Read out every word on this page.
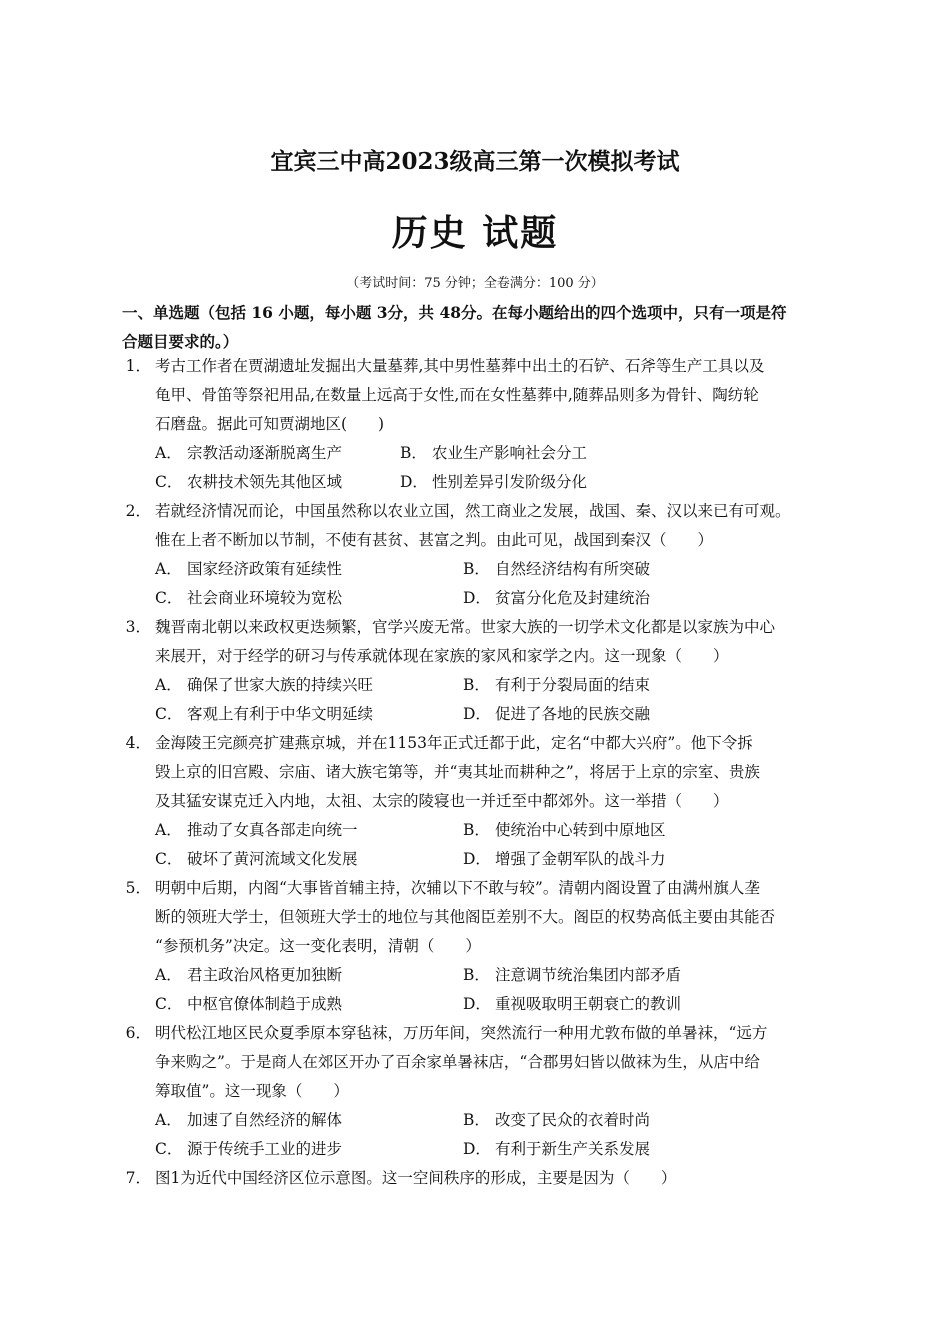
宜宾三中高2023级高三第一次模拟考试
历史 试题
（考试时间：75 分钟；全卷满分：100 分）
一、单选题（包括 16 小题，每小题 3分，共 48分。在每小题给出的四个选项中，只有一项是符
合题目要求的。）
1． 考古工作者在贾湖遗址发掘出大量墓葬,其中男性墓葬中出土的石铲、石斧等生产工具以及
龟甲、骨笛等祭祀用品,在数量上远高于女性,而在女性墓葬中,随葬品则多为骨针、陶纺轮
石磨盘。据此可知贾湖地区(　　)
A． 宗教活动逐渐脱离生产	B． 农业生产影响社会分工
C． 农耕技术领先其他区域	D． 性别差异引发阶级分化
2． 若就经济情况而论，中国虽然称以农业立国，然工商业之发展，战国、秦、汉以来已有可观。
惟在上者不断加以节制，不使有甚贫、甚富之判。由此可见，战国到秦汉（　　）
A． 国家经济政策有延续性	B． 自然经济结构有所突破
C． 社会商业环境较为宽松	D． 贫富分化危及封建统治
3． 魏晋南北朝以来政权更迭频繁，官学兴废无常。世家大族的一切学术文化都是以家族为中心
来展开，对于经学的研习与传承就体现在家族的家风和家学之内。这一现象（　　）
A． 确保了世家大族的持续兴旺	B． 有利于分裂局面的结束
C． 客观上有利于中华文明延续	D． 促进了各地的民族交融
4． 金海陵王完颜亮扩建燕京城，并在1153年正式迁都于此，定名“中都大兴府”。他下令拆
毁上京的旧宫殿、宗庙、诸大族宅第等，并“夷其址而耕种之”，将居于上京的宗室、贵族
及其猛安谋克迁入内地，太祖、太宗的陵寝也一并迁至中都郊外。这一举措（　　）
A． 推动了女真各部走向统一	B． 使统治中心转到中原地区
C． 破坏了黄河流域文化发展	D． 增强了金朝军队的战斗力
5． 明朝中后期，内阁“大事皆首辅主持，次辅以下不敢与较”。清朝内阁设置了由满州旗人垄
断的领班大学士，但领班大学士的地位与其他阁臣差别不大。阁臣的权势高低主要由其能否
“参预机务”决定。这一变化表明，清朝（　　）
A． 君主政治风格更加独断	B． 注意调节统治集团内部矛盾
C． 中枢官僚体制趋于成熟	D． 重视吸取明王朝衰亡的教训
6． 明代松江地区民众夏季原本穿毡袜，万历年间，突然流行一种用尤敦布做的单暑袜，“远方
争来购之”。于是商人在郊区开办了百余家单暑袜店，“合郡男妇皆以做袜为生，从店中给
筹取值”。这一现象（　　）
A． 加速了自然经济的解体	B． 改变了民众的衣着时尚
C． 源于传统手工业的进步	D． 有利于新生产关系发展
7． 图1为近代中国经济区位示意图。这一空间秩序的形成，主要是因为（　　）
